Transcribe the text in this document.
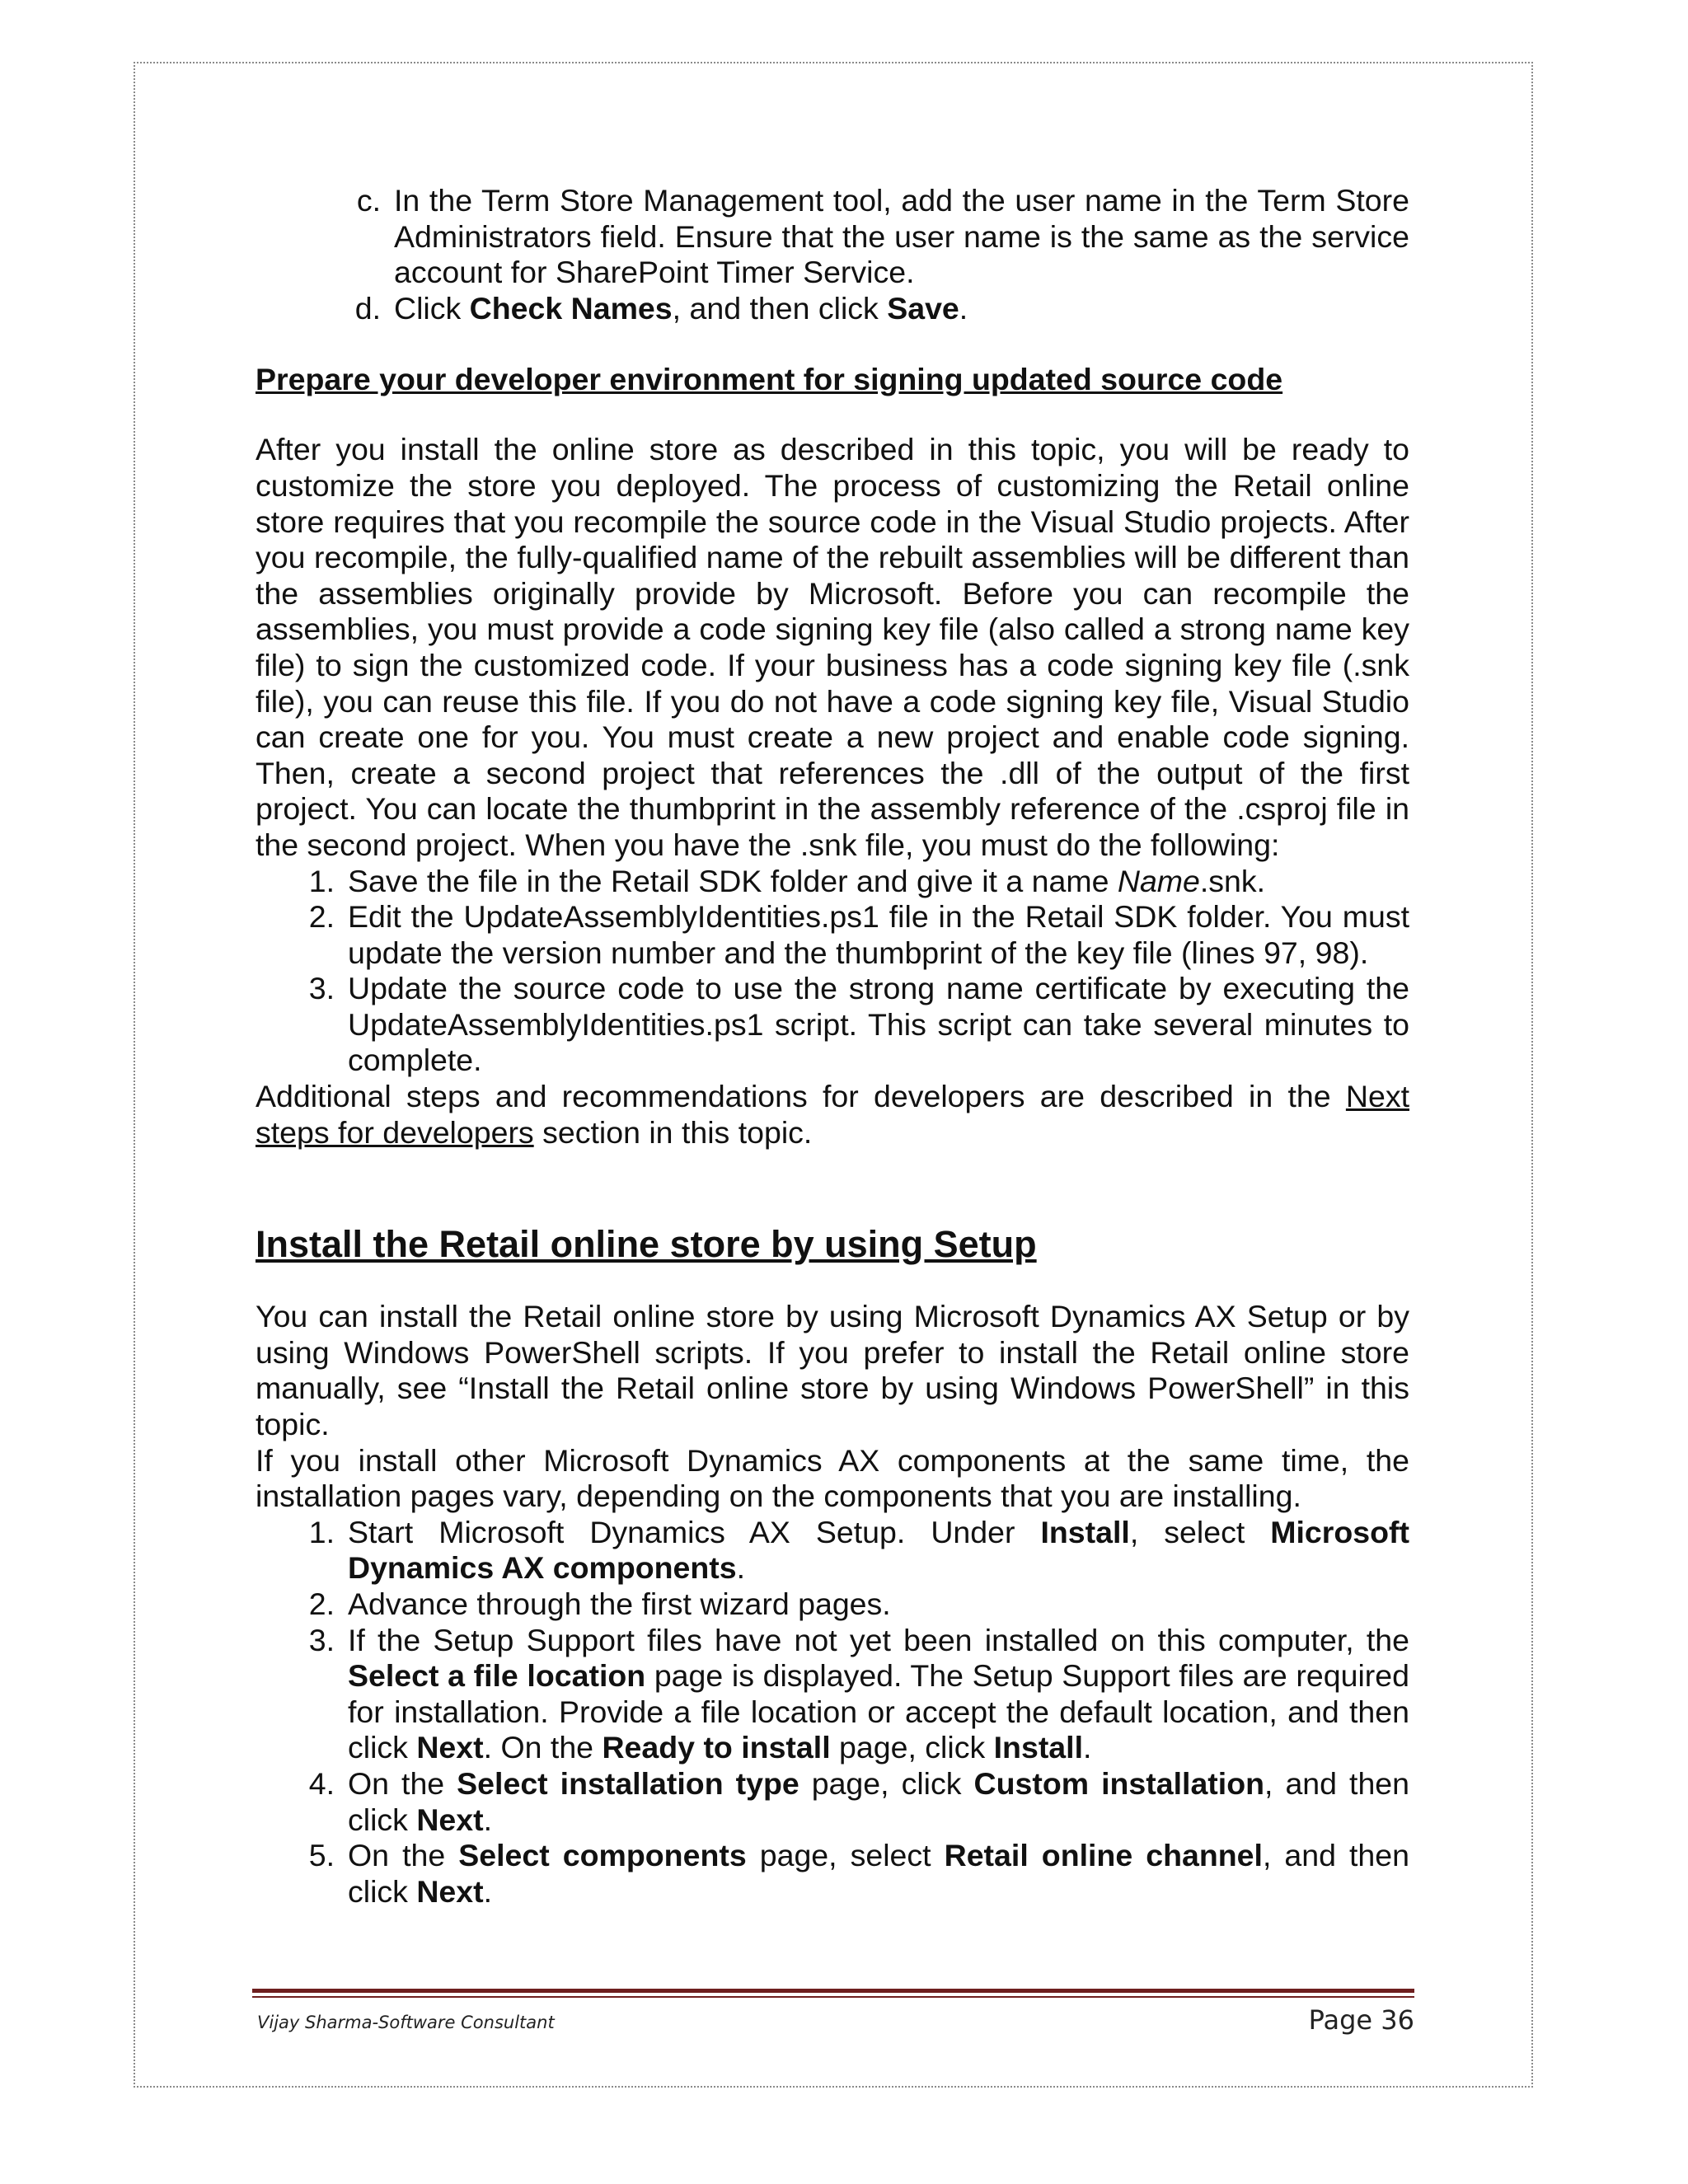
c. In the Term Store Management tool, add the user name in the Term Store Administrators field. Ensure that the user name is the same as the service account for SharePoint Timer Service.
d. Click Check Names, and then click Save.
Prepare your developer environment for signing updated source code

After you install the online store as described in this topic, you will be ready to customize the store you deployed. The process of customizing the Retail online store requires that you recompile the source code in the Visual Studio projects. After you recompile, the fully-qualified name of the rebuilt assemblies will be different than the assemblies originally provide by Microsoft. Before you can recompile the assemblies, you must provide a code signing key file (also called a strong name key file) to sign the customized code. If your business has a code signing key file (.snk file), you can reuse this file. If you do not have a code signing key file, Visual Studio can create one for you. You must create a new project and enable code signing. Then, create a second project that references the .dll of the output of the first project. You can locate the thumbprint in the assembly reference of the .csproj file in the second project. When you have the .snk file, you must do the following:

1. Save the file in the Retail SDK folder and give it a name Name.snk.
2. Edit the UpdateAssemblyIdentities.ps1 file in the Retail SDK folder. You must update the version number and the thumbprint of the key file (lines 97, 98).
3. Update the source code to use the strong name certificate by executing the UpdateAssemblyIdentities.ps1 script. This script can take several minutes to complete.

Additional steps and recommendations for developers are described in the Next steps for developers section in this topic.

Install the Retail online store by using Setup

You can install the Retail online store by using Microsoft Dynamics AX Setup or by using Windows PowerShell scripts. If you prefer to install the Retail online store manually, see “Install the Retail online store by using Windows PowerShell” in this topic.

If you install other Microsoft Dynamics AX components at the same time, the installation pages vary, depending on the components that you are installing.

1. Start Microsoft Dynamics AX Setup. Under Install, select Microsoft Dynamics AX components.
2. Advance through the first wizard pages.
3. If the Setup Support files have not yet been installed on this computer, the Select a file location page is displayed. The Setup Support files are required for installation. Provide a file location or accept the default location, and then click Next. On the Ready to install page, click Install.
4. On the Select installation type page, click Custom installation, and then click Next.
5. On the Select components page, select Retail online channel, and then click Next.
Vijay Sharma-Software Consultant	Page 36
